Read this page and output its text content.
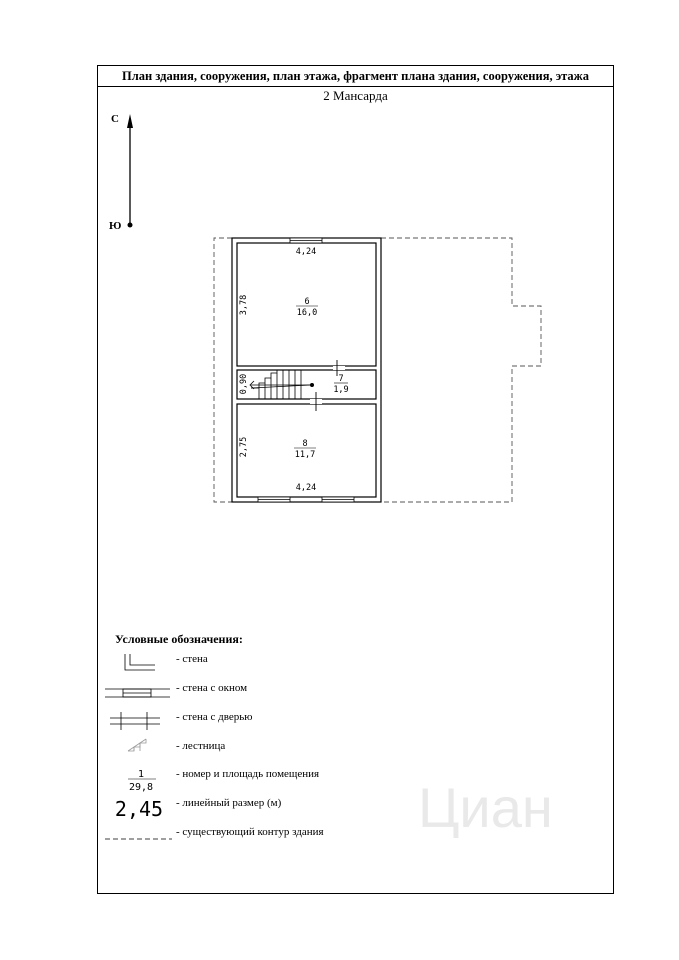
Циан
План здания, сооружения, план этажа, фрагмент плана здания, сооружения, этажа
2 Мансарда
С
Ю
6
16,0
7
1,9
8
11,7
4,24
4,24
3,78
0,90
2,75
1
29,8
2,45
Условные обозначения:
- стена
- стена с окном
- стена с дверью
- лестница
- номер и площадь помещения
- линейный размер (м)
- существующий контур здания
